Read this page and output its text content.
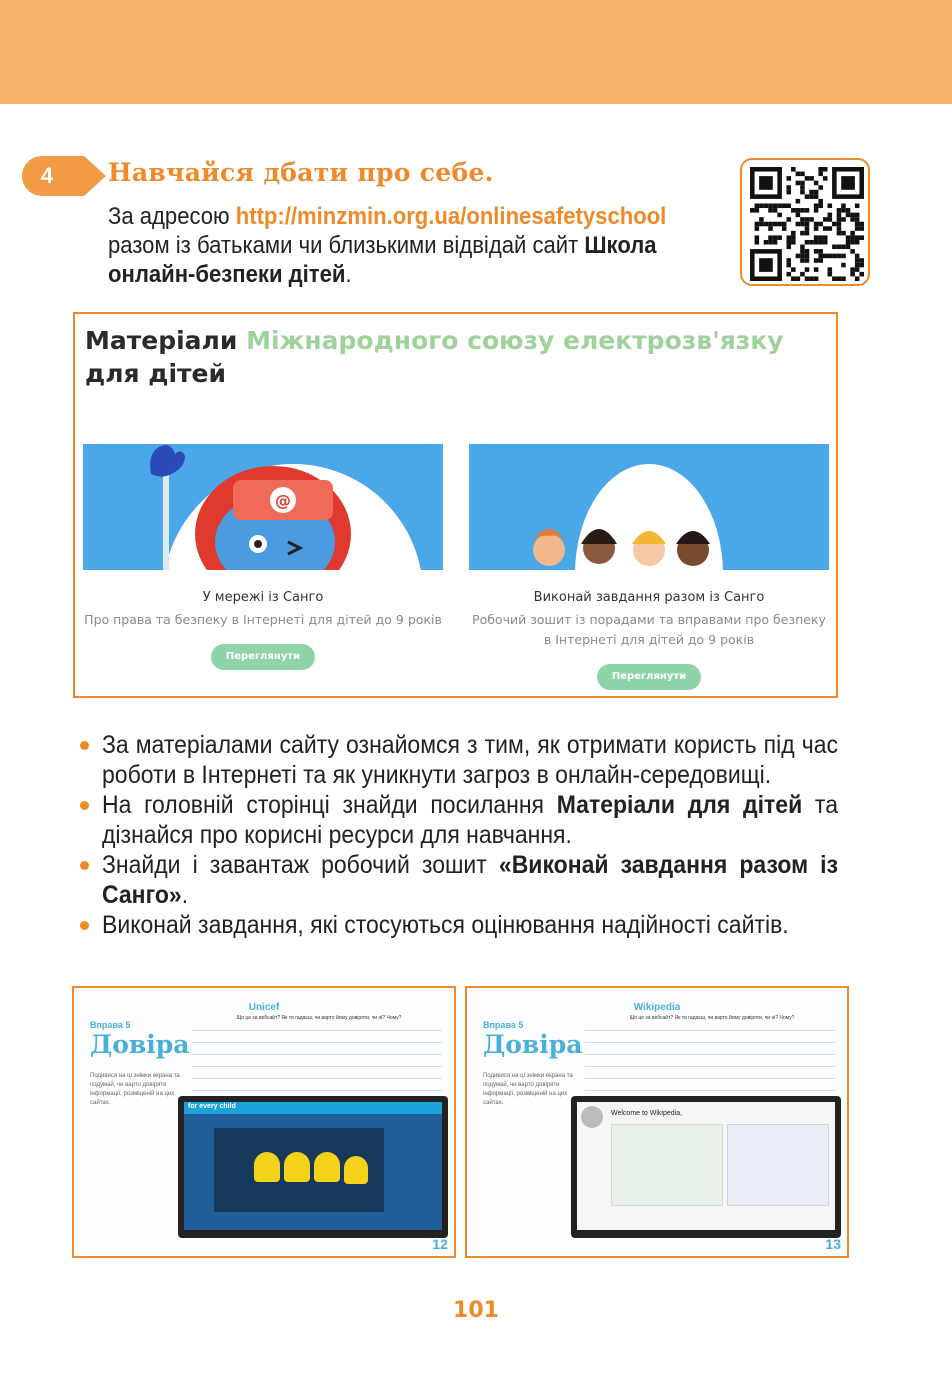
4	Навчайся дбати про себе.
За адресою http://minzmin.org.ua/onlinesafetyschool разом із батьками чи близькими відвідай сайт Школа онлайн-безпеки дітей.
Матеріали Міжнародного союзу електрозв'язку для дітей
@
У мережі із Санго
Про права та безпеку в Інтернеті для дітей до 9 років
Переглянути
Виконай завдання разом із Санго
Робочий зошит із порадами та вправами про безпеку
в Інтернеті для дітей до 9 років
Переглянути
За матеріалами сайту ознайомся з тим, як отримати користь під час роботи в Інтернеті та як уникнути загроз в онлайн-середовищі.
На головній сторінці знайди посилання Матеріали для дітей та дізнайся про корисні ресурси для навчання.
Знайди і завантаж робочий зошит «Виконай завдання разом із Санго».
Виконай завдання, які стосуються оцінювання надійності сайтів.
Unicef
Що це за вебсайт? Як ти гадаєш, чи варто йому довіряти, чи ні? Чому?
Вправа 5
Довіра
Подивися на ці знімки екрана та подумай, чи варто довіряти інформації, розміщеній на цих сайтах.	for every child
12
Wikipedia
Що це за вебсайт? Як ти гадаєш, чи варто йому довіряти, чи ні? Чому?
Вправа 5
Довіра
Подивися на ці знімки екрана та подумай, чи варто довіряти інформації, розміщеній на цих сайтах.
Welcome to Wikipedia,
13
101
